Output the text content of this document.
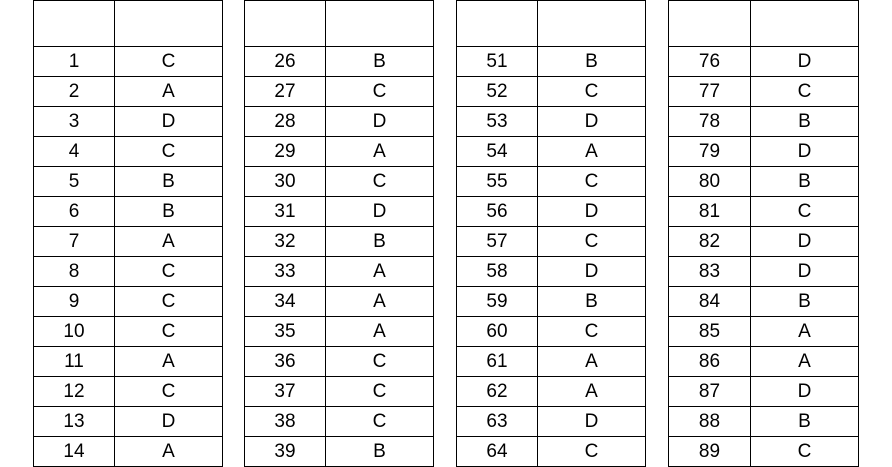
1	C
2	A
3	D
4	C
5	B
6	B
7	A
8	C
9	C
10	C
11	A
12	C
13	D
14	A

26	B
27	C
28	D
29	A
30	C
31	D
32	B
33	A
34	A
35	A
36	C
37	C
38	C
39	B

51	B
52	C
53	D
54	A
55	C
56	D
57	C
58	D
59	B
60	C
61	A
62	A
63	D
64	C

76	D
77	C
78	B
79	D
80	B
81	C
82	D
83	D
84	B
85	A
86	A
87	D
88	B
89	C
